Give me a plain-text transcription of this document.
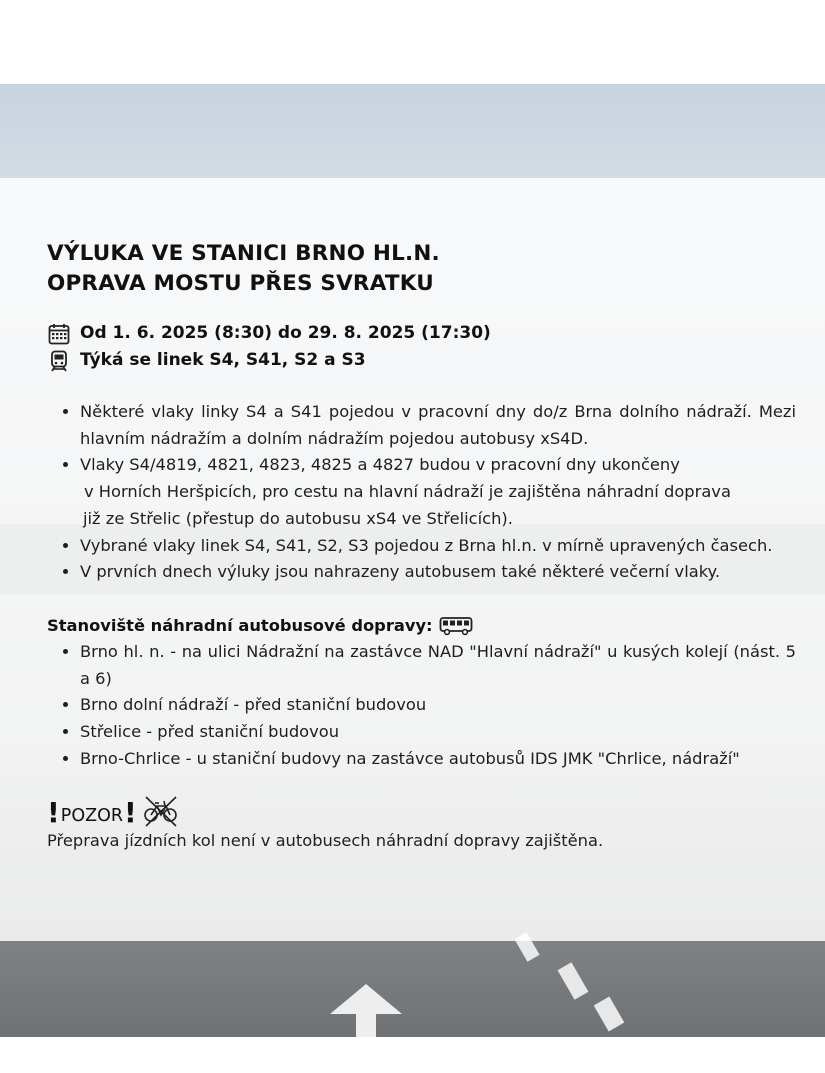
VÝLUKA VE STANICI BRNO HL.N.
OPRAVA MOSTU PŘES SVRATKU
Od 1. 6. 2025 (8:30) do 29. 8. 2025 (17:30)
Týká se linek S4, S41, S2 a S3
• Některé vlaky linky S4 a S41 pojedou v pracovní dny do/z Brna dolního nádraží. Mezi hlavním nádražím a dolním nádražím pojedou autobusy xS4D.
• Vlaky S4/4819, 4821, 4823, 4825 a 4827 budou v pracovní dny ukončeny
v Horních Heršpicích, pro cestu na hlavní nádraží je zajištěna náhradní doprava
již ze Střelic (přestup do autobusu xS4 ve Střelicích).
• Vybrané vlaky linek S4, S41, S2, S3 pojedou z Brna hl.n. v mírně upravených časech.
• V prvních dnech výluky jsou nahrazeny autobusem také některé večerní vlaky.
Stanoviště náhradní autobusové dopravy:
• Brno hl. n. - na ulici Nádražní na zastávce NAD "Hlavní nádraží" u kusých kolejí (nást. 5 a 6)
• Brno dolní nádraží - před staniční budovou
• Střelice - před staniční budovou
• Brno-Chrlice - u staniční budovy na zastávce autobusů IDS JMK "Chrlice, nádraží"
! POZOR !
Přeprava jízdních kol není v autobusech náhradní dopravy zajištěna.
